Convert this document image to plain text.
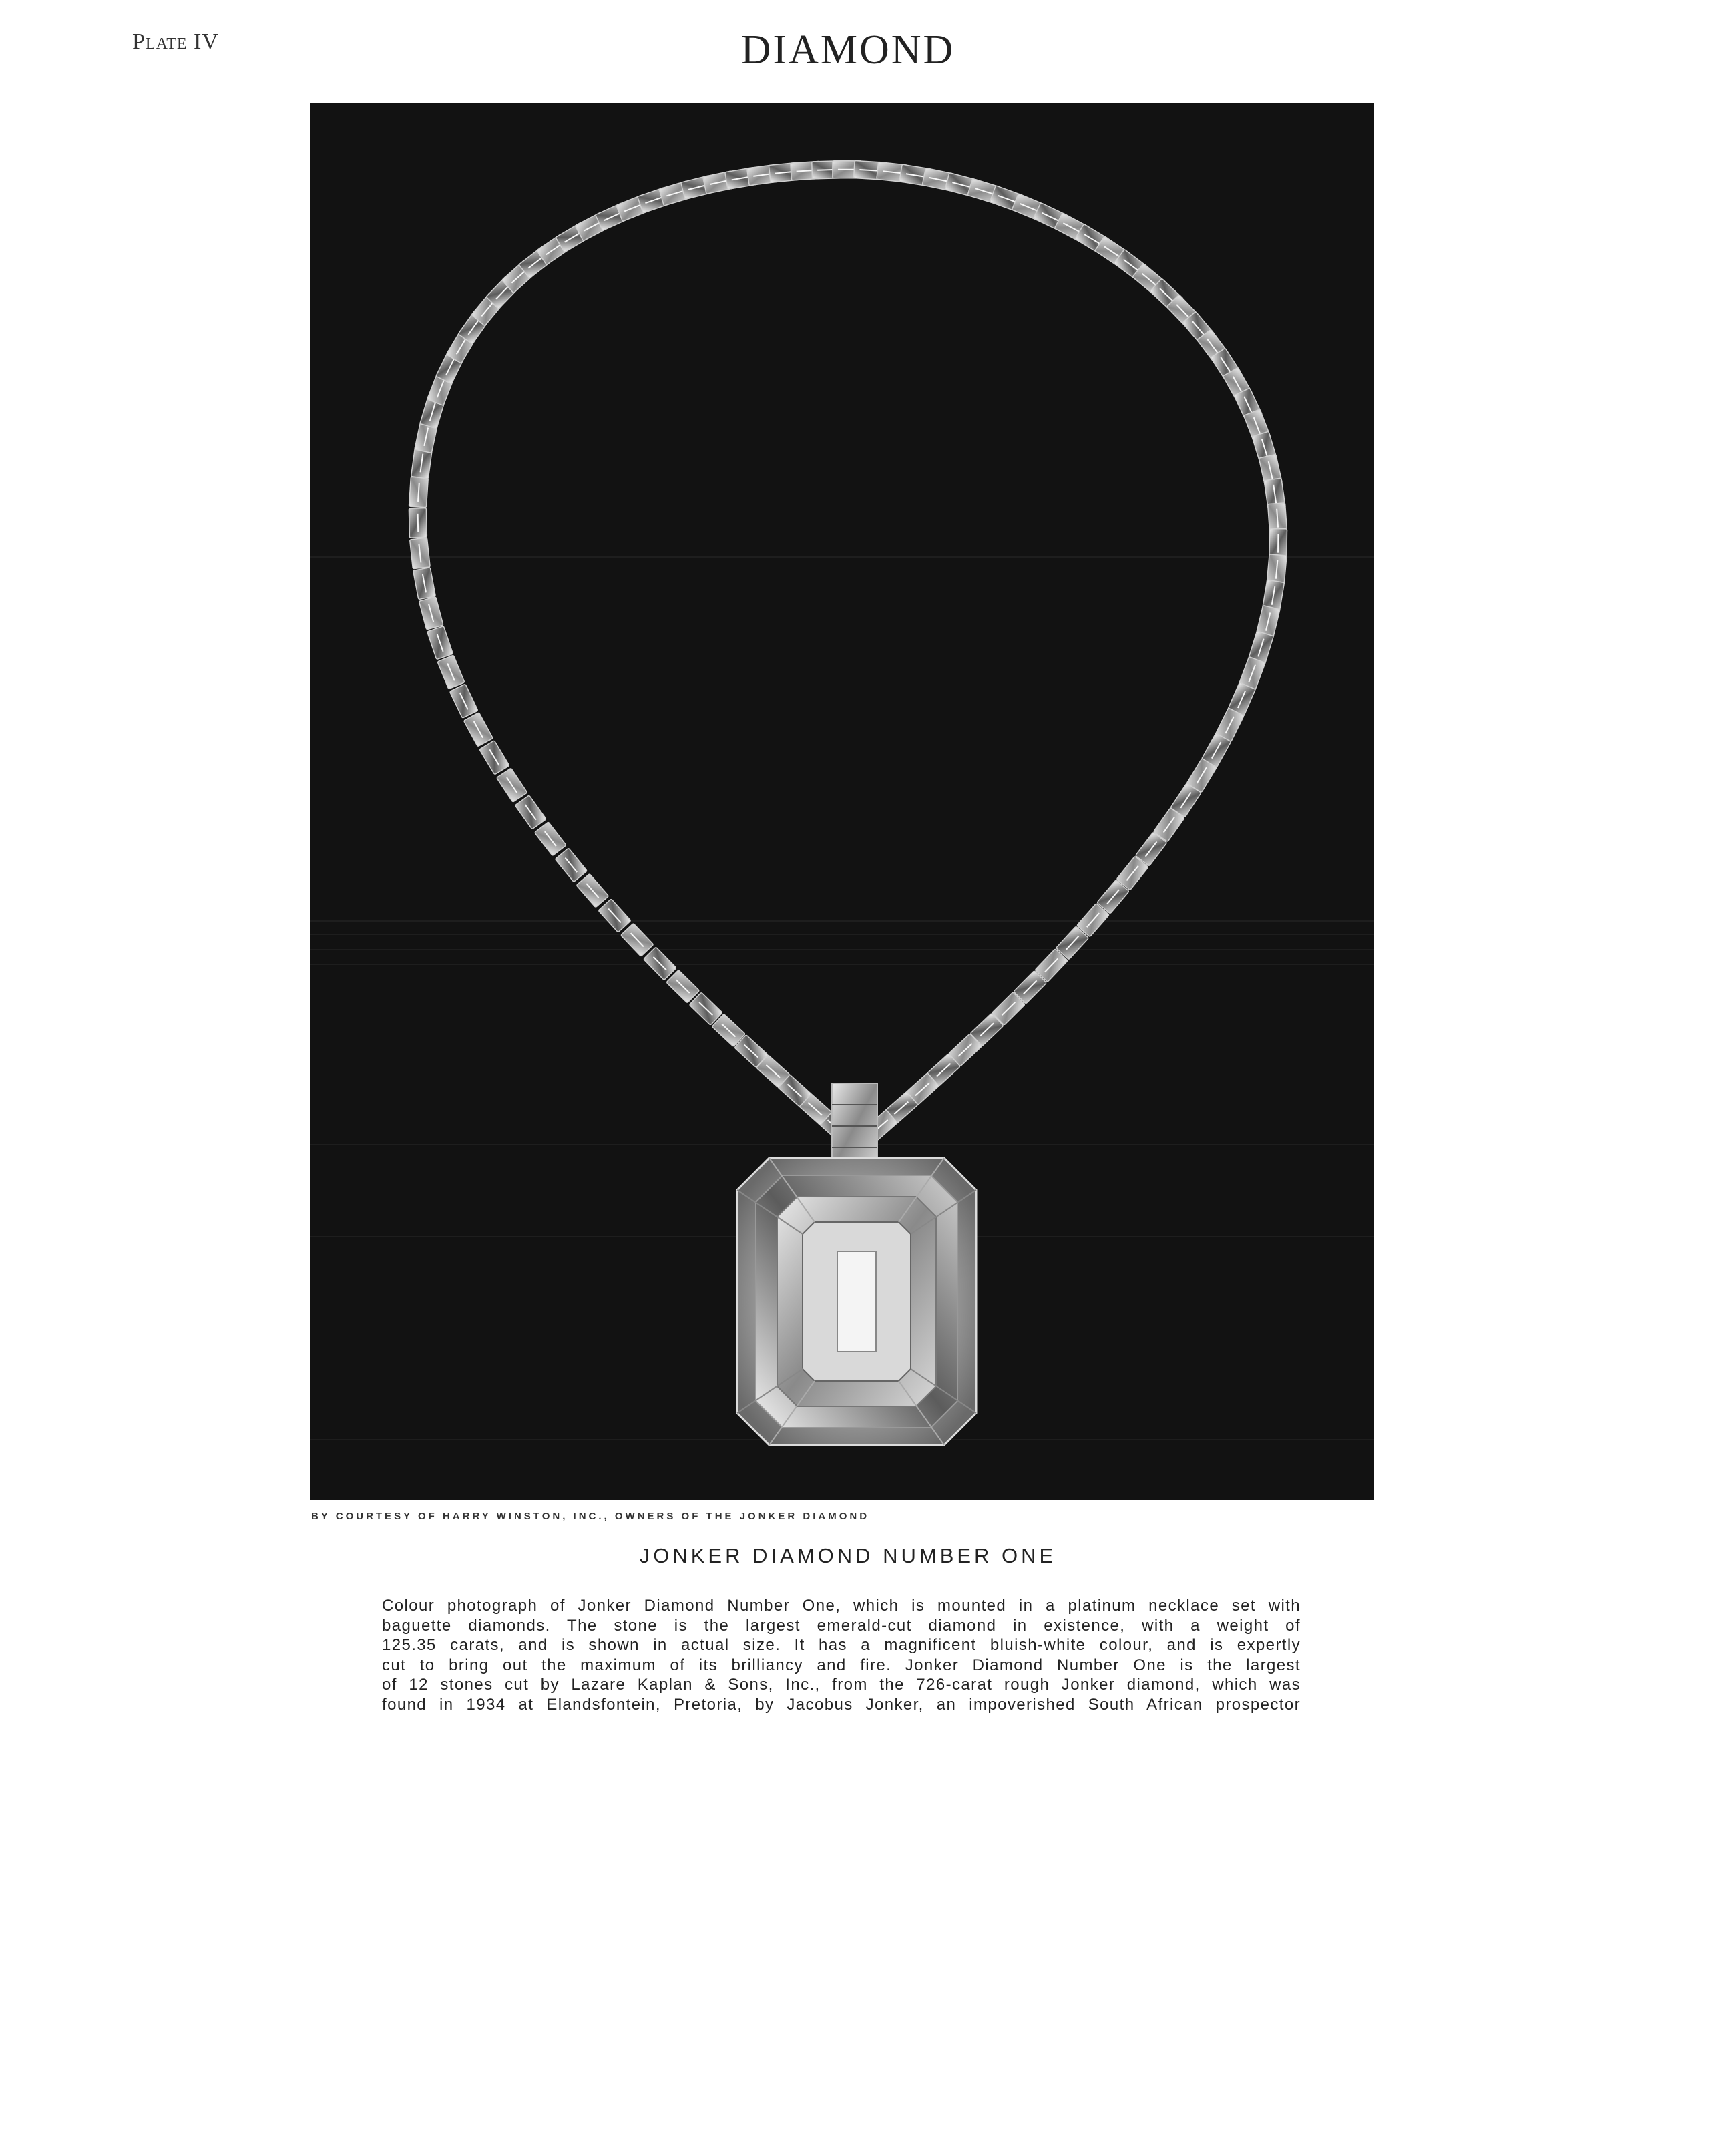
Plate IV	DIAMOND
BY COURTESY OF HARRY WINSTON, INC., OWNERS OF THE JONKER DIAMOND
JONKER DIAMOND NUMBER ONE
Colour photograph of Jonker Diamond Number One, which is mounted in a platinum necklace set with
baguette diamonds. The stone is the largest emerald-cut diamond in existence, with a weight of
125.35 carats, and is shown in actual size. It has a magnificent bluish-white colour, and is expertly
cut to bring out the maximum of its brilliancy and fire. Jonker Diamond Number One is the largest
of 12 stones cut by Lazare Kaplan & Sons, Inc., from the 726-carat rough Jonker diamond, which was
found in 1934 at Elandsfontein, Pretoria, by Jacobus Jonker, an impoverished South African prospector
